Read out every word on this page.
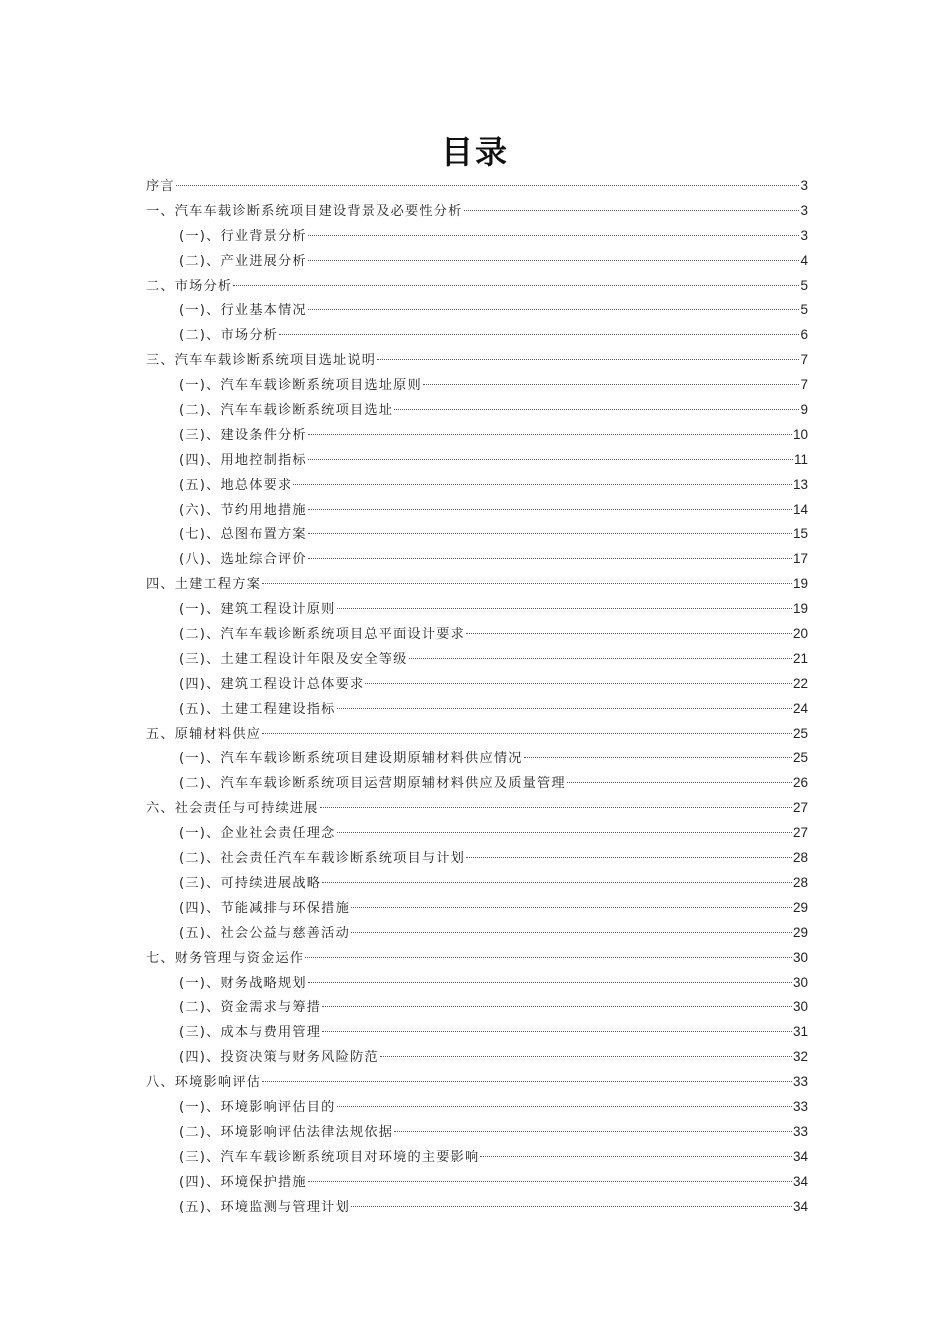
目录
序言	3
一、汽车车载诊断系统项目建设背景及必要性分析	3
(一)、行业背景分析	3
(二)、产业进展分析	4
二、市场分析	5
(一)、行业基本情况	5
(二)、市场分析	6
三、汽车车载诊断系统项目选址说明	7
(一)、汽车车载诊断系统项目选址原则	7
(二)、汽车车载诊断系统项目选址	9
(三)、建设条件分析	10
(四)、用地控制指标	11
(五)、地总体要求	13
(六)、节约用地措施	14
(七)、总图布置方案	15
(八)、选址综合评价	17
四、土建工程方案	19
(一)、建筑工程设计原则	19
(二)、汽车车载诊断系统项目总平面设计要求	20
(三)、土建工程设计年限及安全等级	21
(四)、建筑工程设计总体要求	22
(五)、土建工程建设指标	24
五、原辅材料供应	25
(一)、汽车车载诊断系统项目建设期原辅材料供应情况	25
(二)、汽车车载诊断系统项目运营期原辅材料供应及质量管理	26
六、社会责任与可持续进展	27
(一)、企业社会责任理念	27
(二)、社会责任汽车车载诊断系统项目与计划	28
(三)、可持续进展战略	28
(四)、节能减排与环保措施	29
(五)、社会公益与慈善活动	29
七、财务管理与资金运作	30
(一)、财务战略规划	30
(二)、资金需求与筹措	30
(三)、成本与费用管理	31
(四)、投资决策与财务风险防范	32
八、环境影响评估	33
(一)、环境影响评估目的	33
(二)、环境影响评估法律法规依据	33
(三)、汽车车载诊断系统项目对环境的主要影响	34
(四)、环境保护措施	34
(五)、环境监测与管理计划	34
